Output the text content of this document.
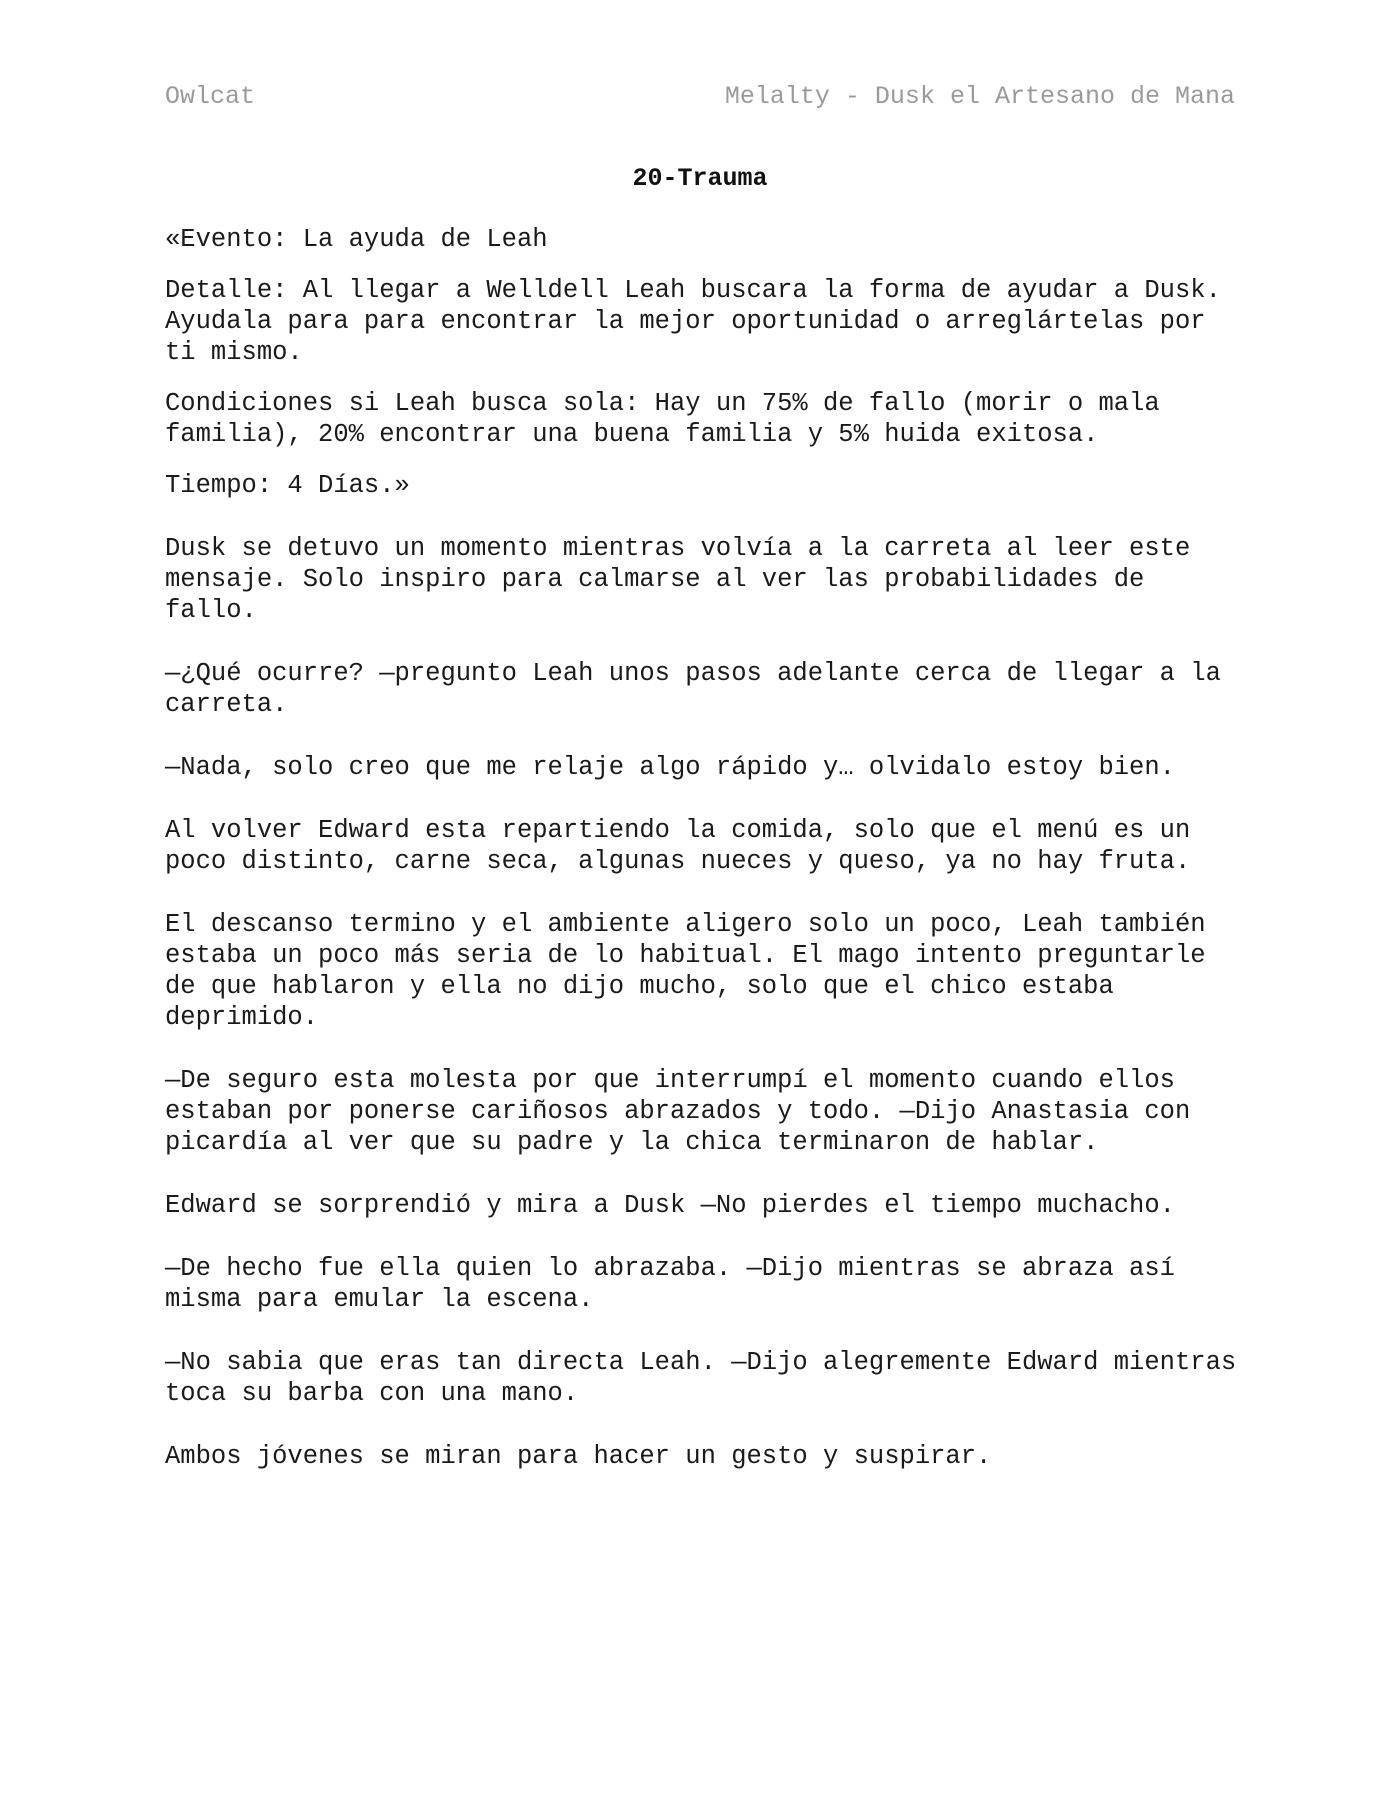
Owlcat	Melalty - Dusk el Artesano de Mana
20-Trauma

«Evento: La ayuda de Leah

Detalle: Al llegar a Welldell Leah buscara la forma de ayudar a Dusk. Ayudala para para encontrar la mejor oportunidad o arreglártelas por ti mismo.

Condiciones si Leah busca sola: Hay un 75% de fallo (morir o mala familia), 20% encontrar una buena familia y 5% huida exitosa.

Tiempo: 4 Días.»

Dusk se detuvo un momento mientras volvía a la carreta al leer este mensaje. Solo inspiro para calmarse al ver las probabilidades de fallo.

—¿Qué ocurre? —pregunto Leah unos pasos adelante cerca de llegar a la carreta.

—Nada, solo creo que me relaje algo rápido y… olvidalo estoy bien.

Al volver Edward esta repartiendo la comida, solo que el menú es un poco distinto, carne seca, algunas nueces y queso, ya no hay fruta.

El descanso termino y el ambiente aligero solo un poco, Leah también estaba un poco más seria de lo habitual. El mago intento preguntarle de que hablaron y ella no dijo mucho, solo que el chico estaba deprimido.

—De seguro esta molesta por que interrumpí el momento cuando ellos estaban por ponerse cariñosos abrazados y todo. —Dijo Anastasia con picardía al ver que su padre y la chica terminaron de hablar.

Edward se sorprendió y mira a Dusk —No pierdes el tiempo muchacho.

—De hecho fue ella quien lo abrazaba. —Dijo mientras se abraza así misma para emular la escena.

—No sabia que eras tan directa Leah. —Dijo alegremente Edward mientras toca su barba con una mano.

Ambos jóvenes se miran para hacer un gesto y suspirar.
